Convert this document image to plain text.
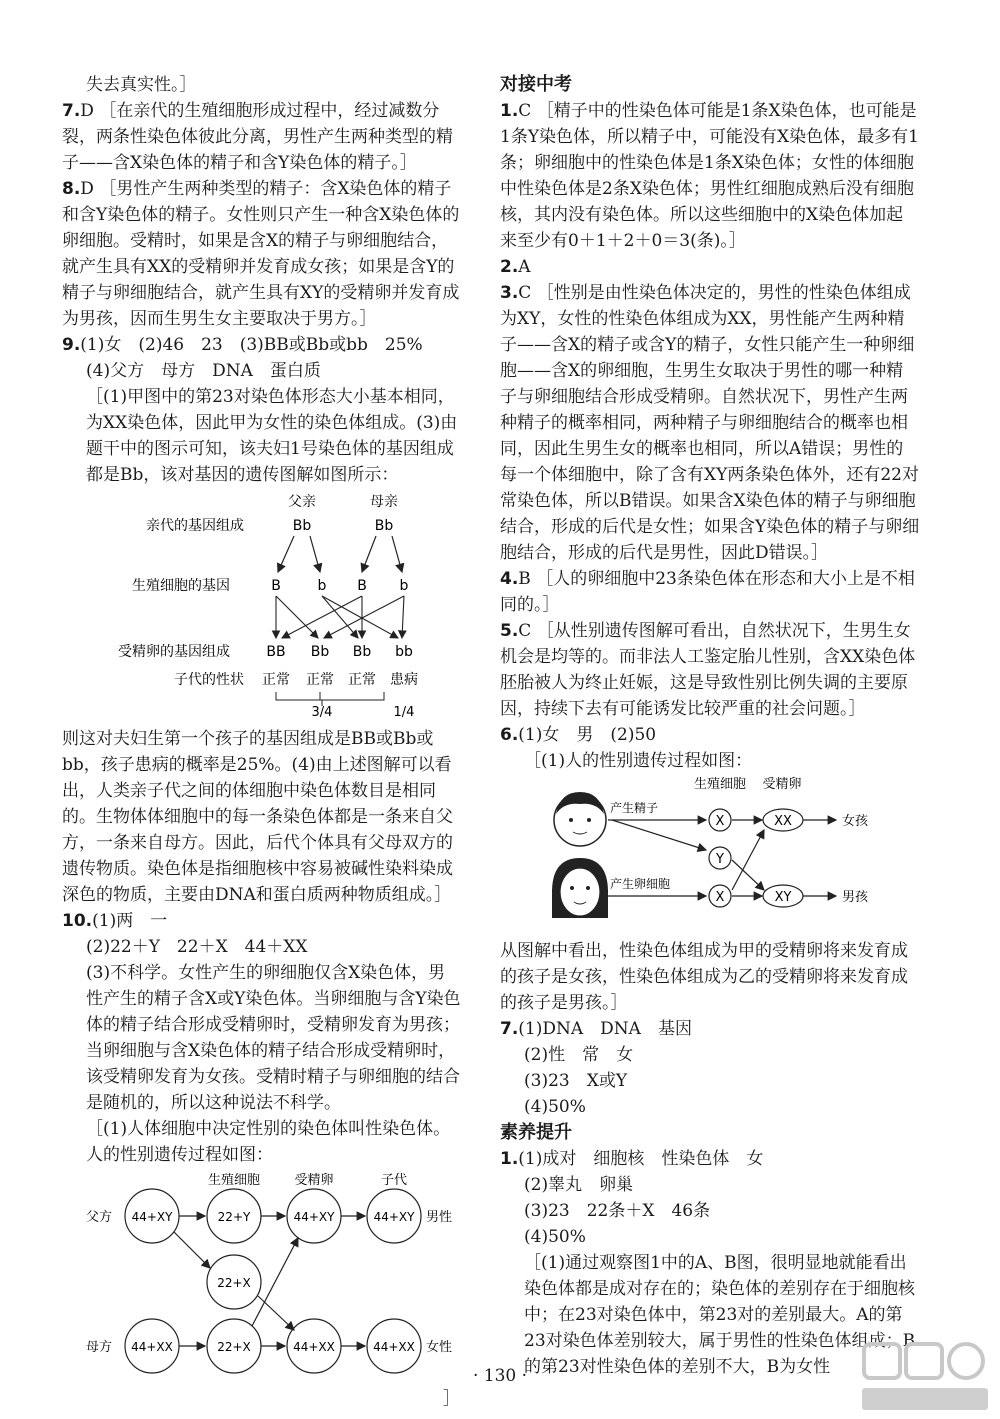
失去真实性。］

7.D ［在亲代的生殖细胞形成过程中，经过减数分裂，两条性染色体彼此分离，男性产生两种类型的精子——含X染色体的精子和含Y染色体的精子。］

8.D ［男性产生两种类型的精子：含X染色体的精子和含Y染色体的精子。女性则只产生一种含X染色体的卵细胞。受精时，如果是含X的精子与卵细胞结合，就产生具有XX的受精卵并发育成女孩；如果是含Y的精子与卵细胞结合，就产生具有XY的受精卵并发育成为男孩，因而生男生女主要取决于男方。］

9.(1)女　(2)46　23　(3)BB或Bb或bb　25%

(4)父方　母方　DNA　蛋白质

［(1)甲图中的第23对染色体形态大小基本相同，为XX染色体，因此甲为女性的染色体组成。(3)由题干中的图示可知，该夫妇1号染色体的基因组成都是Bb，该对基因的遗传图解如图所示：

父亲	母亲
亲代的基因组成	Bb	Bb
生殖细胞的基因	B	b B b
受精卵的基因组成	BB Bb Bb bb
子代的性状 正常 正常 正常 患病
3/4	1/4

则这对夫妇生第一个孩子的基因组成是BB或Bb或bb，孩子患病的概率是25%。(4)由上述图解可以看出，人类亲子代之间的体细胞中染色体数目是相同的。生物体体细胞中的每一条染色体都是一条来自父方，一条来自母方。因此，后代个体具有父母双方的遗传物质。染色体是指细胞核中容易被碱性染料染成深色的物质，主要由DNA和蛋白质两种物质组成。］

10.(1)两　一

(2)22＋Y　22＋X　44＋XX

(3)不科学。女性产生的卵细胞仅含X染色体，男性产生的精子含X或Y染色体。当卵细胞与含Y染色体的精子结合形成受精卵时，受精卵发育为男孩；当卵细胞与含X染色体的精子结合形成受精卵时，该受精卵发育为女孩。受精时精子与卵细胞的结合是随机的，所以这种说法不科学。

［(1)人体细胞中决定性别的染色体叫性染色体。人的性别遗传过程如图：

生殖细胞	受精卵	子代
父方
母方
44+XY	22+Y	44+XY	44+XY
22+X
44+XX	22+X	44+XX	44+XX
男性
女性

］

对接中考

1.C ［精子中的性染色体可能是1条X染色体，也可能是1条Y染色体，所以精子中，可能没有X染色体，最多有1条；卵细胞中的性染色体是1条X染色体；女性的体细胞中性染色体是2条X染色体；男性红细胞成熟后没有细胞核，其内没有染色体。所以这些细胞中的X染色体加起来至少有0＋1＋2＋0＝3(条)。］

2.A

3.C ［性别是由性染色体决定的，男性的性染色体组成为XY，女性的性染色体组成为XX，男性能产生两种精子——含X的精子或含Y的精子，女性只能产生一种卵细胞——含X的卵细胞，生男生女取决于男性的哪一种精子与卵细胞结合形成受精卵。自然状况下，男性产生两种精子的概率相同，两种精子与卵细胞结合的概率也相同，因此生男生女的概率也相同，所以A错误；男性的每一个体细胞中，除了含有XY两条染色体外，还有22对常染色体，所以B错误。如果含X染色体的精子与卵细胞结合，形成的后代是女性；如果含Y染色体的精子与卵细胞结合，形成的后代是男性，因此D错误。］

4.B ［人的卵细胞中23条染色体在形态和大小上是不相同的。］

5.C ［从性别遗传图解可看出，自然状况下，生男生女机会是均等的。而非法人工鉴定胎儿性别，含XX染色体胚胎被人为终止妊娠，这是导致性别比例失调的主要原因，持续下去有可能诱发比较严重的社会问题。］

6.(1)女　男　(2)50

［(1)人的性别遗传过程如图：

生殖细胞 受精卵
产生精子
产生卵细胞
X
Y
X
XX
XY
女孩
男孩

从图解中看出，性染色体组成为甲的受精卵将来发育成的孩子是女孩，性染色体组成为乙的受精卵将来发育成的孩子是男孩。］

7.(1)DNA　DNA　基因

(2)性　常　女

(3)23　X或Y

(4)50%

素养提升

1.(1)成对　细胞核　性染色体　女

(2)睾丸　卵巢

(3)23　22条＋X　46条

(4)50%

［(1)通过观察图1中的A、B图，很明显地就能看出染色体都是成对存在的；染色体的差别存在于细胞核中；在23对染色体中，第23对的差别最大。A的第23对染色体差别较大，属于男性的性染色体组成；B的第23对性染色体的差别不大，B为女性

· 130 ·
